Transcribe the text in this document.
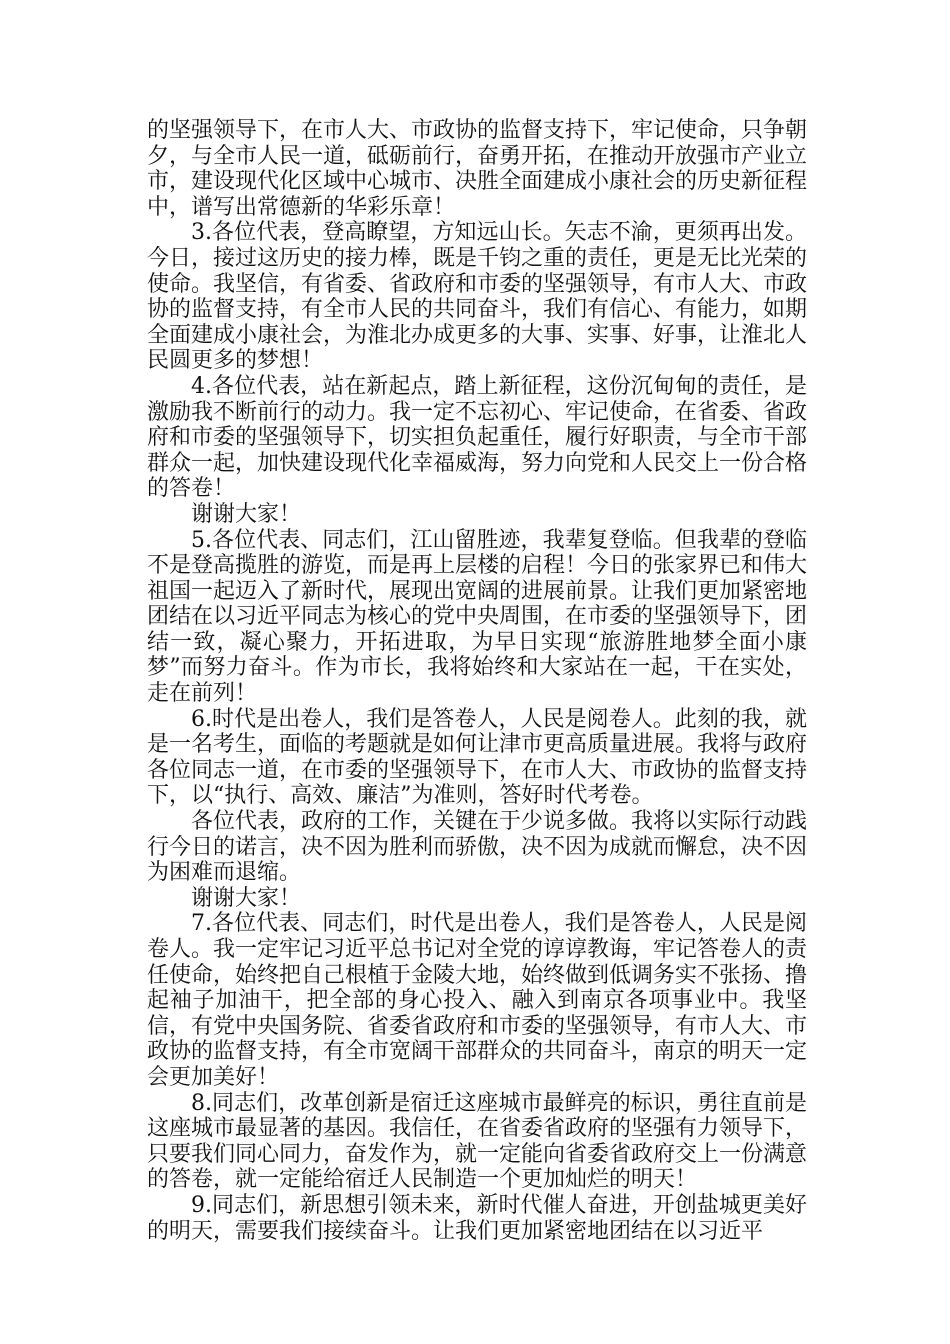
的坚强领导下，在市人大、市政协的监督支持下，牢记使命，只争朝夕，与全市人民一道，砥砺前行，奋勇开拓，在推动开放强市产业立市，建设现代化区域中心城市、决胜全面建成小康社会的历史新征程中，谱写出常德新的华彩乐章！

3.各位代表，登高瞭望，方知远山长。矢志不渝，更须再出发。今日，接过这历史的接力棒，既是千钧之重的责任，更是无比光荣的使命。我坚信，有省委、省政府和市委的坚强领导，有市人大、市政协的监督支持，有全市人民的共同奋斗，我们有信心、有能力，如期全面建成小康社会，为淮北办成更多的大事、实事、好事，让淮北人民圆更多的梦想！

4.各位代表，站在新起点，踏上新征程，这份沉甸甸的责任，是激励我不断前行的动力。我一定不忘初心、牢记使命，在省委、省政府和市委的坚强领导下，切实担负起重任，履行好职责，与全市干部群众一起，加快建设现代化幸福威海，努力向党和人民交上一份合格的答卷！

谢谢大家！

5.各位代表、同志们，江山留胜迹，我辈复登临。但我辈的登临不是登高揽胜的游览，而是再上层楼的启程！今日的张家界已和伟大祖国一起迈入了新时代，展现出宽阔的进展前景。让我们更加紧密地团结在以习近平同志为核心的党中央周围，在市委的坚强领导下，团结一致，凝心聚力，开拓进取，为早日实现“旅游胜地梦全面小康梦”而努力奋斗。作为市长，我将始终和大家站在一起，干在实处，走在前列！

6.时代是出卷人，我们是答卷人，人民是阅卷人。此刻的我，就是一名考生，面临的考题就是如何让津市更高质量进展。我将与政府各位同志一道，在市委的坚强领导下，在市人大、市政协的监督支持下，以“执行、高效、廉洁”为准则，答好时代考卷。

各位代表，政府的工作，关键在于少说多做。我将以实际行动践行今日的诺言，决不因为胜利而骄傲，决不因为成就而懈怠，决不因为困难而退缩。

谢谢大家！

7.各位代表、同志们，时代是出卷人，我们是答卷人，人民是阅卷人。我一定牢记习近平总书记对全党的谆谆教诲，牢记答卷人的责任使命，始终把自己根植于金陵大地，始终做到低调务实不张扬、撸起袖子加油干，把全部的身心投入、融入到南京各项事业中。我坚信，有党中央国务院、省委省政府和市委的坚强领导，有市人大、市政协的监督支持，有全市宽阔干部群众的共同奋斗，南京的明天一定会更加美好！

8.同志们，改革创新是宿迁这座城市最鲜亮的标识，勇往直前是这座城市最显著的基因。我信任，在省委省政府的坚强有力领导下，只要我们同心同力，奋发作为，就一定能向省委省政府交上一份满意的答卷，就一定能给宿迁人民制造一个更加灿烂的明天！

9.同志们，新思想引领未来，新时代催人奋进，开创盐城更美好的明天，需要我们接续奋斗。让我们更加紧密地团结在以习近平
